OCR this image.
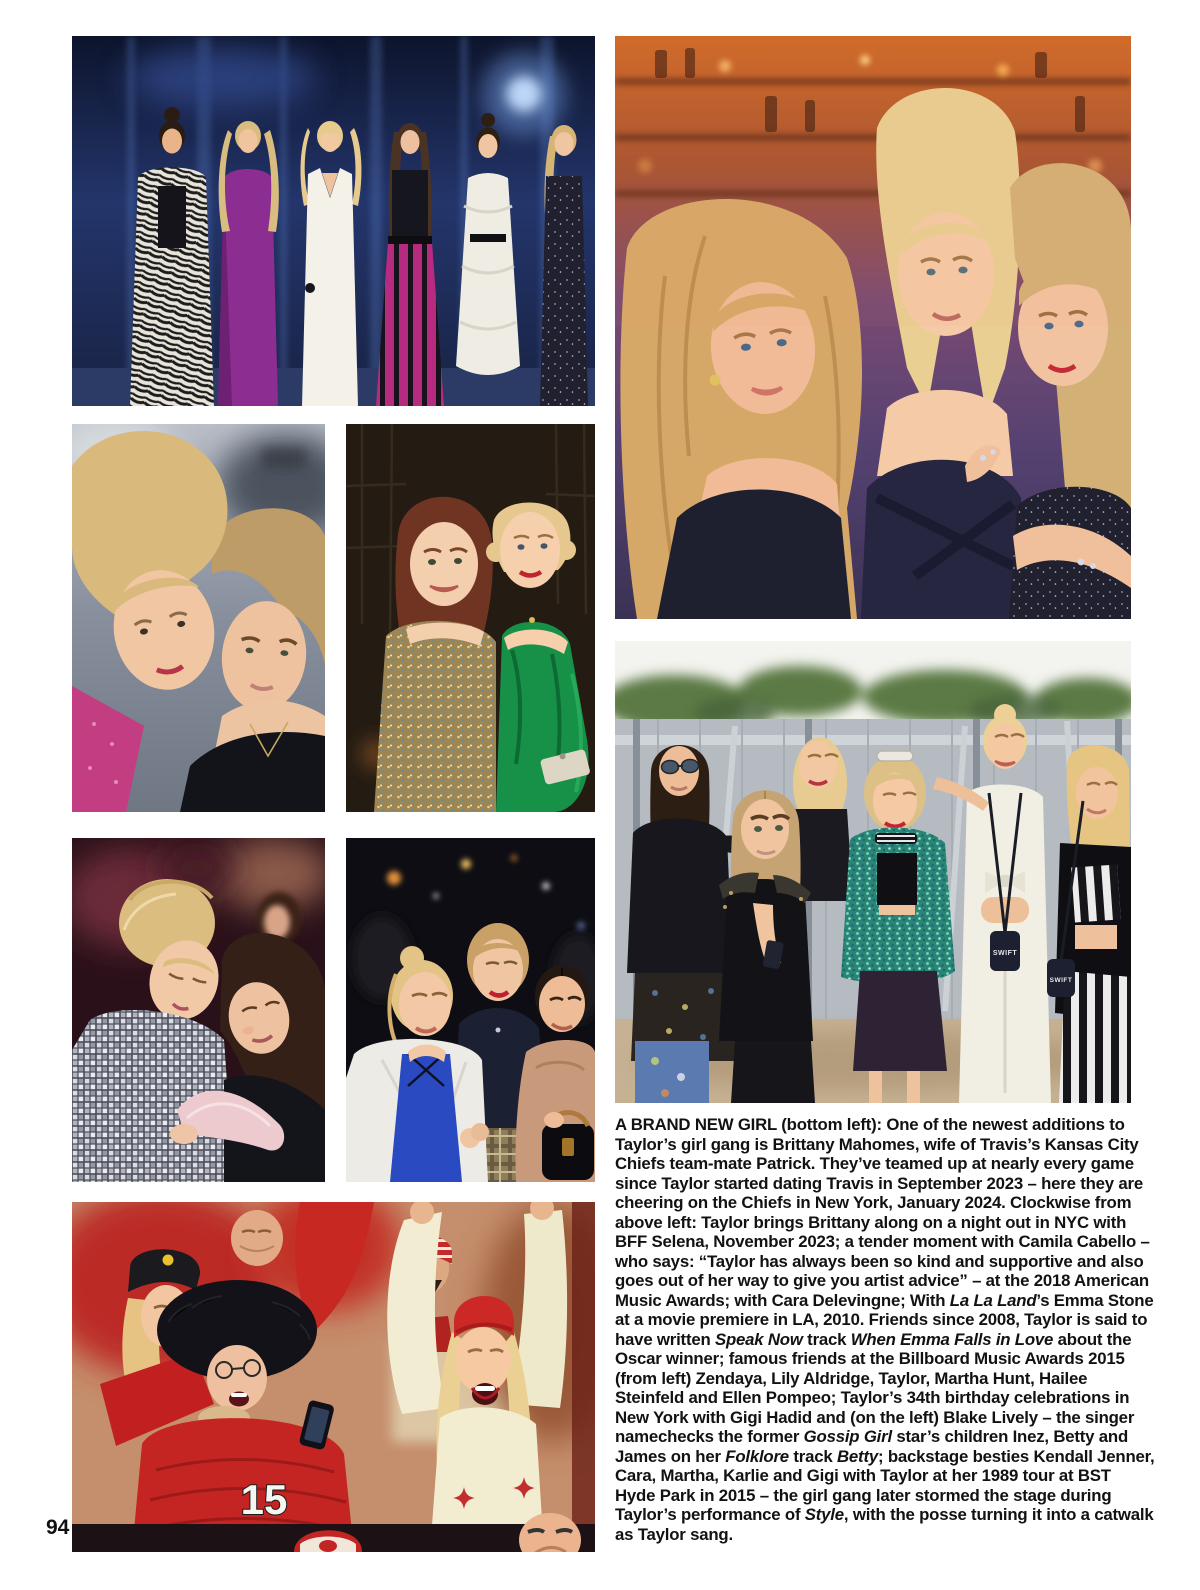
15
SWIFT
SWIFT

A BRAND NEW GIRL (bottom left): One of the newest additions to Taylor’s girl gang is Brittany Mahomes, wife of Travis’s Kansas City Chiefs team-mate Patrick. They’ve teamed up at nearly every game since Taylor started dating Travis in September 2023 – here they are cheering on the Chiefs in New York, January 2024. Clockwise from above left: Taylor brings Brittany along on a night out in NYC with BFF Selena, November 2023; a tender moment with Camila Cabello – who says: “Taylor has always been so kind and supportive and also goes out of her way to give you artist advice” – at the 2018 American Music Awards; with Cara Delevingne; With La La Land’s Emma Stone at a movie premiere in LA, 2010. Friends since 2008, Taylor is said to have written Speak Now track When Emma Falls in Love about the Oscar winner; famous friends at the Billboard Music Awards 2015 (from left) Zendaya, Lily Aldridge, Taylor, Martha Hunt, Hailee Steinfeld and Ellen Pompeo; Taylor’s 34th birthday celebrations in New York with Gigi Hadid and (on the left) Blake Lively – the singer namechecks the former Gossip Girl star’s children Inez, Betty and James on her Folklore track Betty; backstage besties Kendall Jenner, Cara, Martha, Karlie and Gigi with Taylor at her 1989 tour at BST Hyde Park in 2015 – the girl gang later stormed the stage during Taylor’s performance of Style, with the posse turning it into a catwalk as Taylor sang.

94
